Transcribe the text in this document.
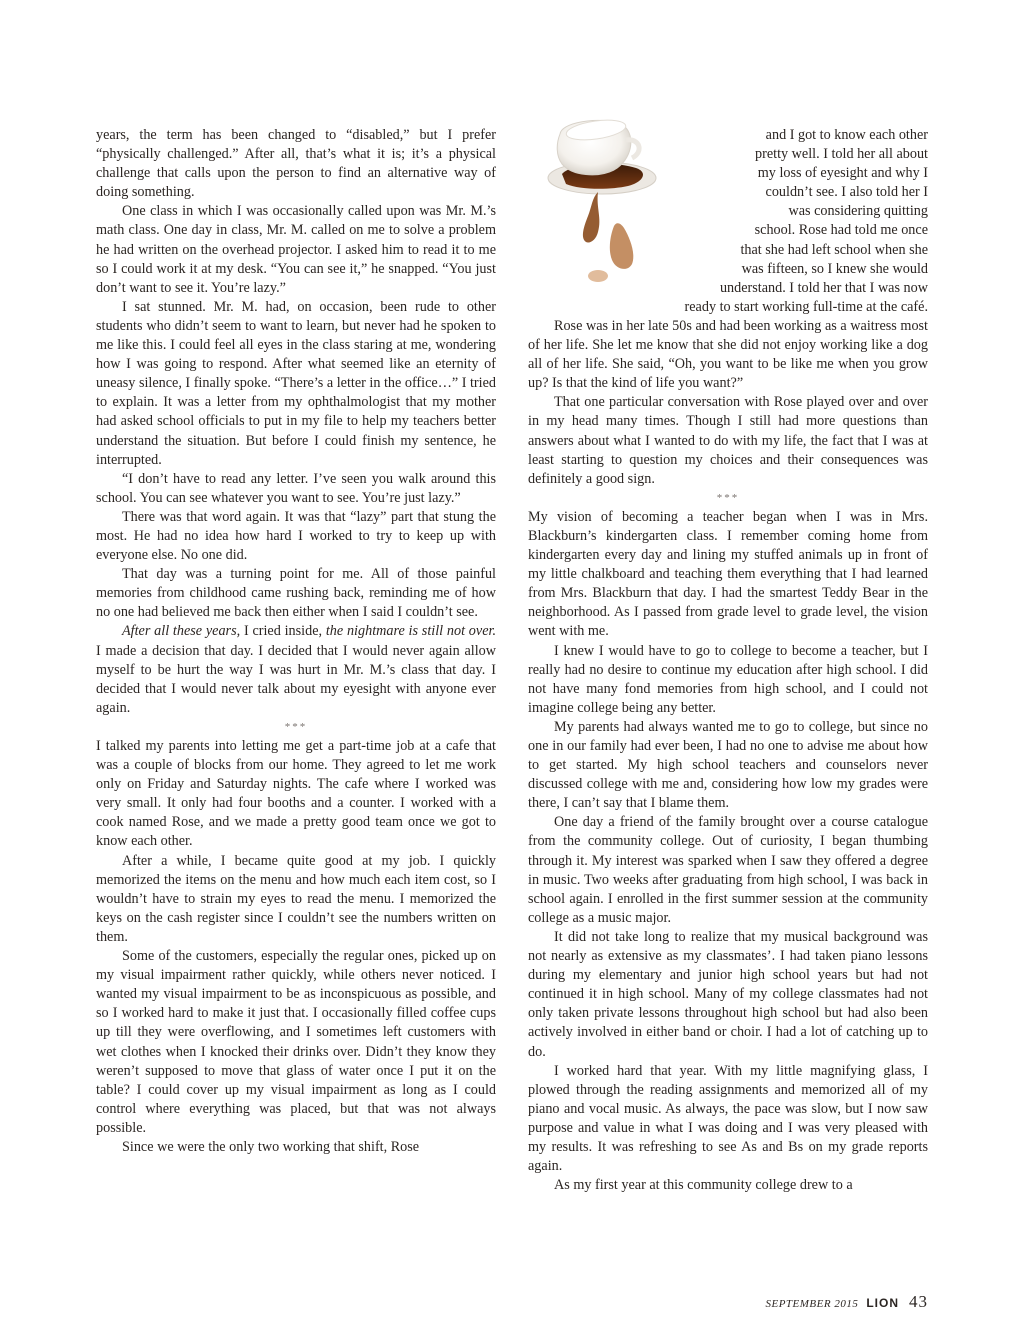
years, the term has been changed to “disabled,” but I prefer “physically challenged.” After all, that’s what it is; it’s a physical challenge that calls upon the person to find an alternative way of doing something.

One class in which I was occasionally called upon was Mr. M.’s math class. One day in class, Mr. M. called on me to solve a problem he had written on the overhead projector. I asked him to read it to me so I could work it at my desk. “You can see it,” he snapped. “You just don’t want to see it. You’re lazy.”

I sat stunned. Mr. M. had, on occasion, been rude to other students who didn’t seem to want to learn, but never had he spoken to me like this. I could feel all eyes in the class staring at me, wondering how I was going to respond. After what seemed like an eternity of uneasy silence, I finally spoke. “There’s a letter in the office…” I tried to explain. It was a letter from my ophthalmologist that my mother had asked school officials to put in my file to help my teachers better understand the situation. But before I could finish my sentence, he interrupted.

“I don’t have to read any letter. I’ve seen you walk around this school. You can see whatever you want to see. You’re just lazy.”

There was that word again. It was that “lazy” part that stung the most. He had no idea how hard I worked to try to keep up with everyone else. No one did.

That day was a turning point for me. All of those painful memories from childhood came rushing back, reminding me of how no one had believed me back then either when I said I couldn’t see.

After all these years, I cried inside, the nightmare is still not over. I made a decision that day. I decided that I would never again allow myself to be hurt the way I was hurt in Mr. M.’s class that day. I decided that I would never talk about my eyesight with anyone ever again.

***

I talked my parents into letting me get a part-time job at a cafe that was a couple of blocks from our home. They agreed to let me work only on Friday and Saturday nights. The cafe where I worked was very small. It only had four booths and a counter. I worked with a cook named Rose, and we made a pretty good team once we got to know each other.

After a while, I became quite good at my job. I quickly memorized the items on the menu and how much each item cost, so I wouldn’t have to strain my eyes to read the menu. I memorized the keys on the cash register since I couldn’t see the numbers written on them.

Some of the customers, especially the regular ones, picked up on my visual impairment rather quickly, while others never noticed. I wanted my visual impairment to be as inconspicuous as possible, and so I worked hard to make it just that. I occasionally filled coffee cups up till they were overflowing, and I sometimes left customers with wet clothes when I knocked their drinks over. Didn’t they know they weren’t supposed to move that glass of water once I put it on the table? I could cover up my visual impairment as long as I could control where everything was placed, but that was not always possible.

Since we were the only two working that shift, Rose

and I got to know each other
pretty well. I told her all about
my loss of eyesight and why I
couldn’t see. I also told her I
was considering quitting
school. Rose had told me once
that she had left school when she
was fifteen, so I knew she would
understand. I told her that I was now
ready to start working full-time at the café.

Rose was in her late 50s and had been working as a waitress most of her life. She let me know that she did not enjoy working like a dog all of her life. She said, “Oh, you want to be like me when you grow up? Is that the kind of life you want?”

That one particular conversation with Rose played over and over in my head many times. Though I still had more questions than answers about what I wanted to do with my life, the fact that I was at least starting to question my choices and their consequences was definitely a good sign.

***

My vision of becoming a teacher began when I was in Mrs. Blackburn’s kindergarten class. I remember coming home from kindergarten every day and lining my stuffed animals up in front of my little chalkboard and teaching them everything that I had learned from Mrs. Blackburn that day. I had the smartest Teddy Bear in the neighborhood. As I passed from grade level to grade level, the vision went with me.

I knew I would have to go to college to become a teacher, but I really had no desire to continue my education after high school. I did not have many fond memories from high school, and I could not imagine college being any better.

My parents had always wanted me to go to college, but since no one in our family had ever been, I had no one to advise me about how to get started. My high school teachers and counselors never discussed college with me and, considering how low my grades were there, I can’t say that I blame them.

One day a friend of the family brought over a course catalogue from the community college. Out of curiosity, I began thumbing through it. My interest was sparked when I saw they offered a degree in music. Two weeks after graduating from high school, I was back in school again. I enrolled in the first summer session at the community college as a music major.

It did not take long to realize that my musical background was not nearly as extensive as my classmates’. I had taken piano lessons during my elementary and junior high school years but had not continued it in high school. Many of my college classmates had not only taken private lessons throughout high school but had also been actively involved in either band or choir. I had a lot of catching up to do.

I worked hard that year. With my little magnifying glass, I plowed through the reading assignments and memorized all of my piano and vocal music. As always, the pace was slow, but I now saw purpose and value in what I was doing and I was very pleased with my results. It was refreshing to see As and Bs on my grade reports again.

As my first year at this community college drew to a

SEPTEMBER 2015 LION 43
